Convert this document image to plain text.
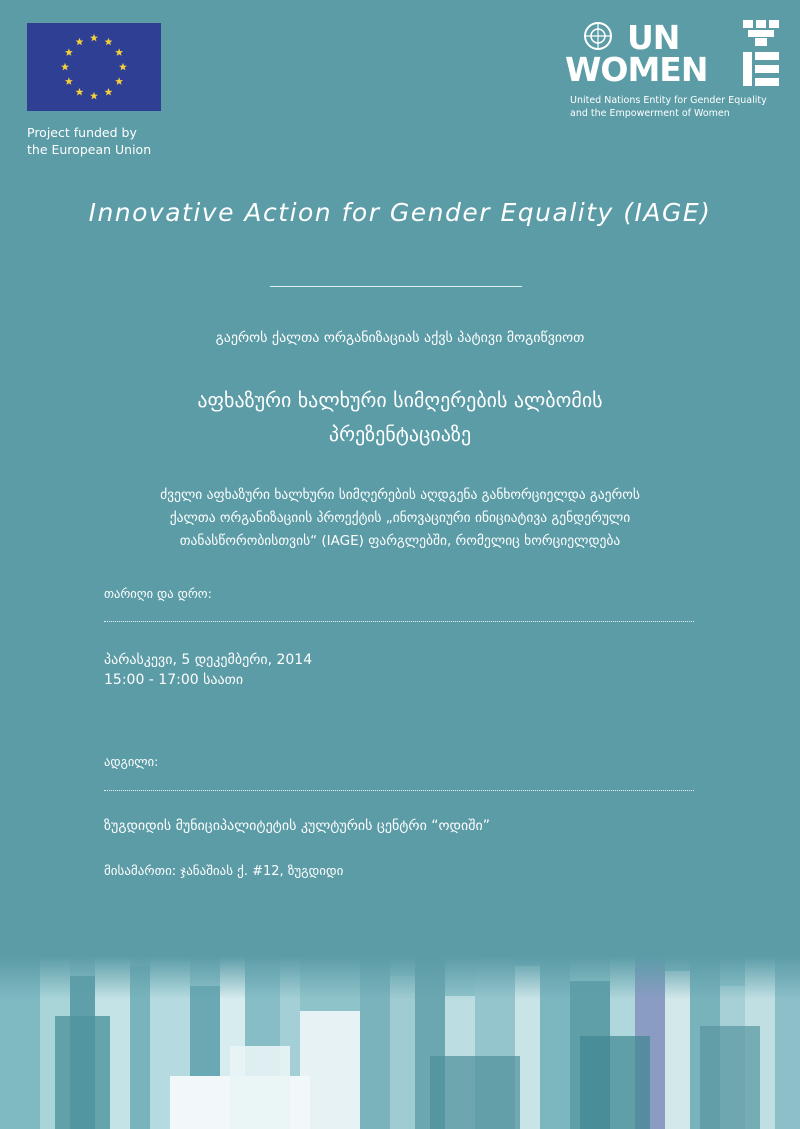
Project funded by
the European Union
UN
WOMEN
United Nations Entity for Gender Equality
and the Empowerment of Women
Innovative Action for Gender Equality (IAGE)
გაეროს ქალთა ორგანიზაციას აქვს პატივი მოგიწვიოთ
აფხაზური ხალხური სიმღერების ალბომის
პრეზენტაციაზე
ძველი აფხაზური ხალხური სიმღერების აღდგენა განხორციელდა გაეროს
ქალთა ორგანიზაციის პროექტის „ინოვაციური ინიციატივა გენდერული
თანასწორობისთვის“ (IAGE) ფარგლებში, რომელიც ხორციელდება
თარიღი და დრო:
პარასკევი, 5 დეკემბერი, 2014
15:00 - 17:00 საათი
ადგილი:
ზუგდიდის მუნიციპალიტეტის კულტურის ცენტრი “ოდიში”
მისამართი: ჯანაშიას ქ. #12, ზუგდიდი
